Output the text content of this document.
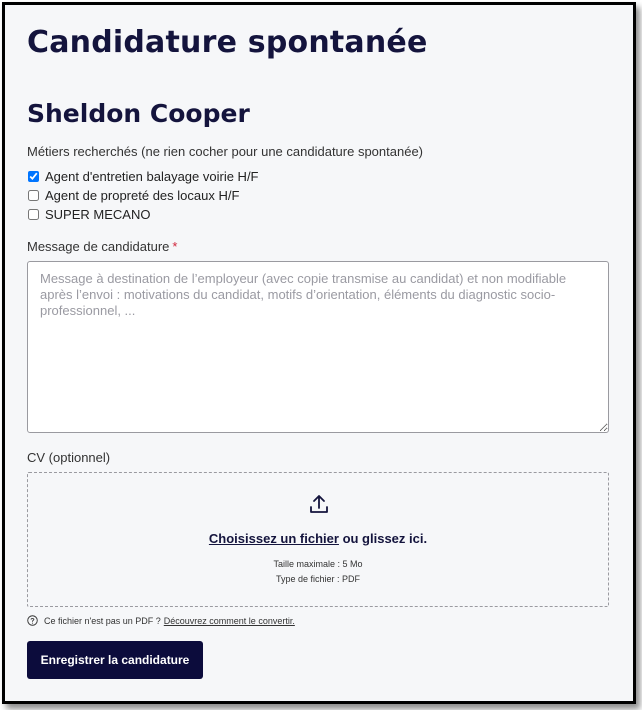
Candidature spontanée
Sheldon Cooper
Métiers recherchés (ne rien cocher pour une candidature spontanée)
Agent d'entretien balayage voirie H/F
Agent de propreté des locaux H/F
SUPER MECANO
Message de candidature *
Message à destination de l’employeur (avec copie transmise au candidat) et non modifiable après l’envoi : motivations du candidat, motifs d’orientation, éléments du diagnostic socio-professionnel, ...
CV (optionnel)
Choisissez un fichier ou glissez ici.
Taille maximale : 5 Mo
Type de fichier : PDF
Ce fichier n'est pas un PDF ? Découvrez comment le convertir.
Enregistrer la candidature
